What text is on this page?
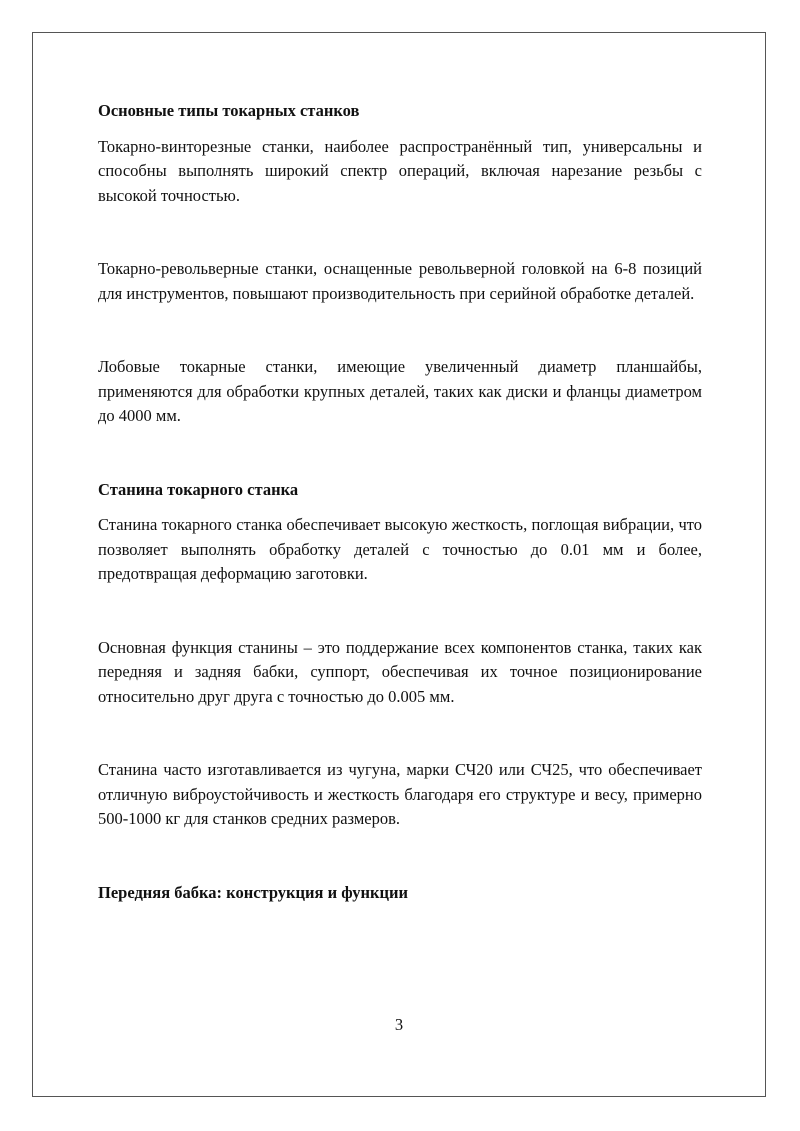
Основные типы токарных станков

Токарно-винторезные станки, наиболее распространённый тип, универсальны и способны выполнять широкий спектр операций, включая нарезание резьбы с высокой точностью.

Токарно-револьверные станки, оснащенные револьверной головкой на 6-8 позиций для инструментов, повышают производительность при серийной обработке деталей.

Лобовые токарные станки, имеющие увеличенный диаметр планшайбы, применяются для обработки крупных деталей, таких как диски и фланцы диаметром до 4000 мм.

Станина токарного станка

Станина токарного станка обеспечивает высокую жесткость, поглощая вибрации, что позволяет выполнять обработку деталей с точностью до 0.01 мм и более, предотвращая деформацию заготовки.

Основная функция станины – это поддержание всех компонентов станка, таких как передняя и задняя бабки, суппорт, обеспечивая их точное позиционирование относительно друг друга с точностью до 0.005 мм.

Станина часто изготавливается из чугуна, марки СЧ20 или СЧ25, что обеспечивает отличную виброустойчивость и жесткость благодаря его структуре и весу, примерно 500-1000 кг для станков средних размеров.

Передняя бабка: конструкция и функции

3
